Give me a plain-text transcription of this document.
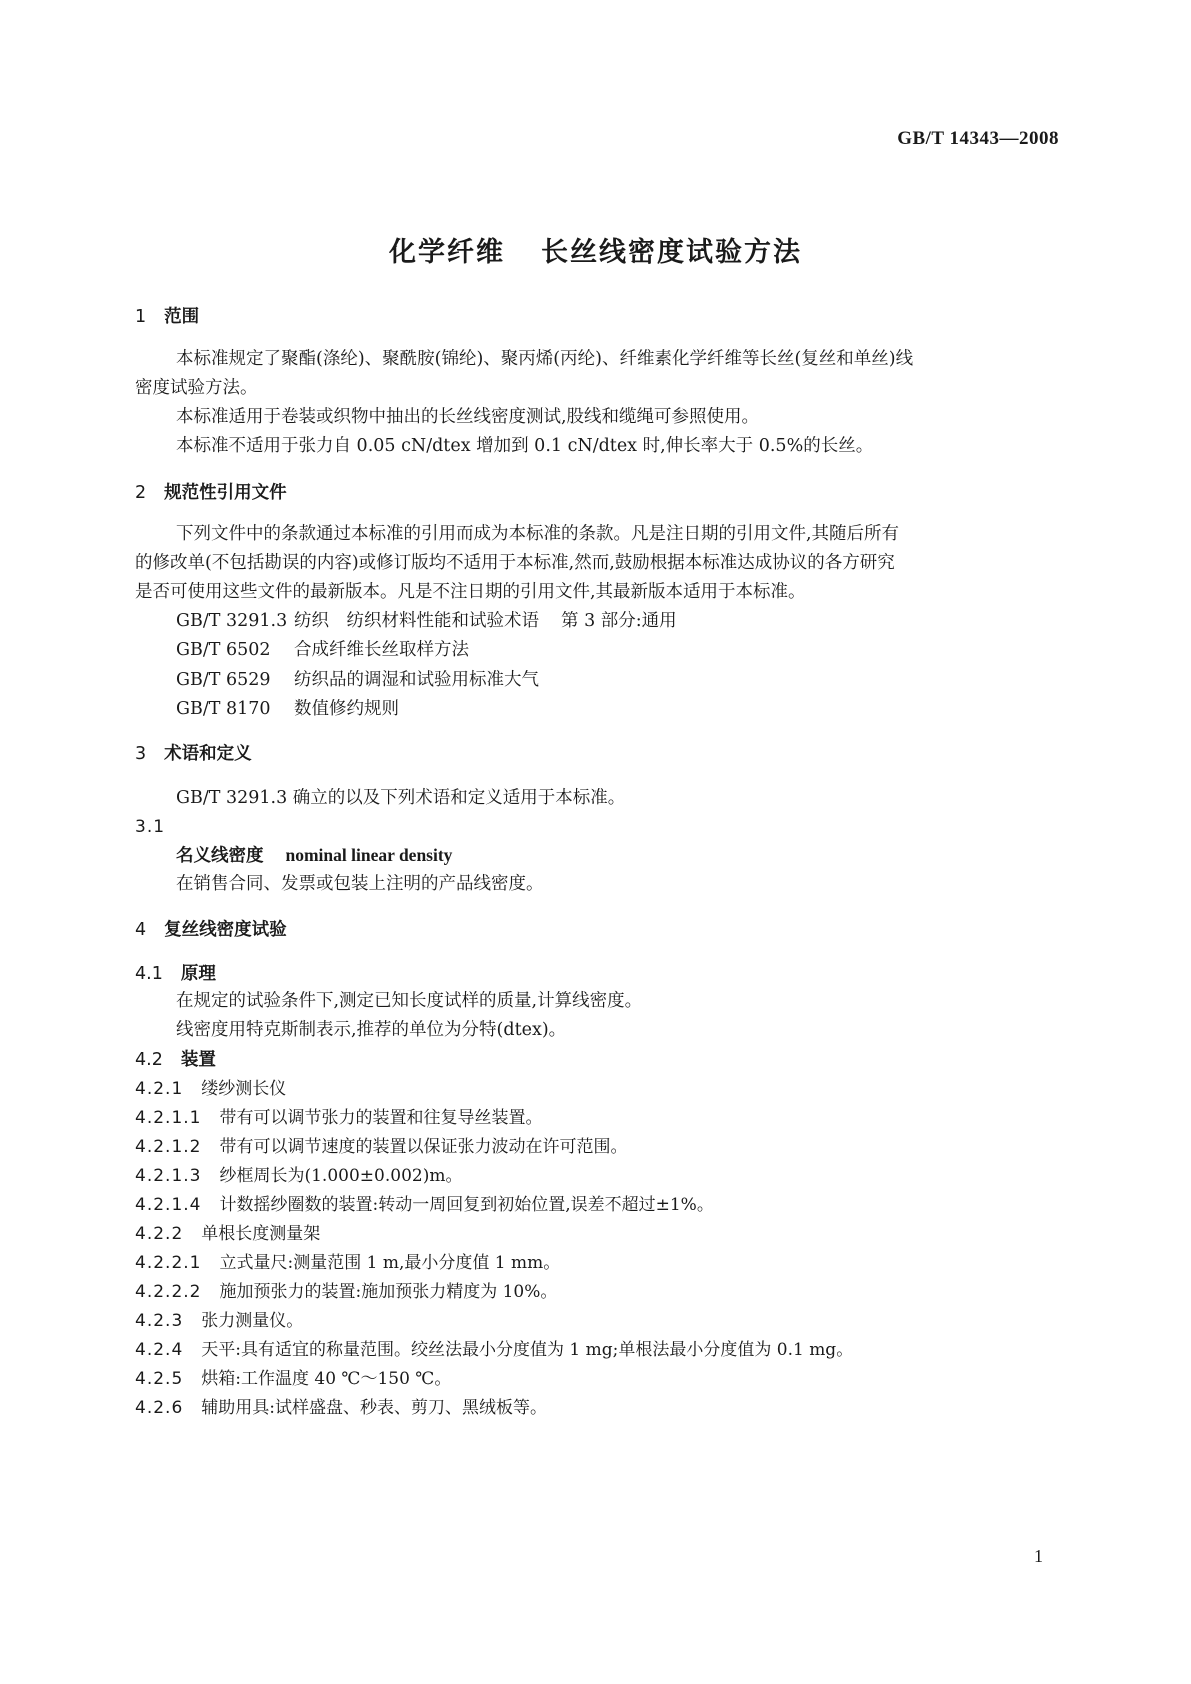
GB/T 14343—2008
化学纤维 长丝线密度试验方法
1 范围
本标准规定了聚酯(涤纶)、聚酰胺(锦纶)、聚丙烯(丙纶)、纤维素化学纤维等长丝(复丝和单丝)线
密度试验方法。
本标准适用于卷装或织物中抽出的长丝线密度测试,股线和缆绳可参照使用。
本标准不适用于张力自 0.05 cN/dtex 增加到 0.1 cN/dtex 时,伸长率大于 0.5%的长丝。
2 规范性引用文件
下列文件中的条款通过本标准的引用而成为本标准的条款。凡是注日期的引用文件,其随后所有
的修改单(不包括勘误的内容)或修订版均不适用于本标准,然而,鼓励根据本标准达成协议的各方研究
是否可使用这些文件的最新版本。凡是不注日期的引用文件,其最新版本适用于本标准。
GB/T 3291.3 纺织　纺织材料性能和试验术语 第 3 部分:通用
GB/T 6502 合成纤维长丝取样方法
GB/T 6529 纺织品的调湿和试验用标准大气
GB/T 8170 数值修约规则
3 术语和定义
GB/T 3291.3 确立的以及下列术语和定义适用于本标准。
3.1
名义线密度 nominal linear density
在销售合同、发票或包装上注明的产品线密度。
4 复丝线密度试验
4.1 原理
在规定的试验条件下,测定已知长度试样的质量,计算线密度。
线密度用特克斯制表示,推荐的单位为分特(dtex)。
4.2 装置
4.2.1 缕纱测长仪
4.2.1.1 带有可以调节张力的装置和往复导丝装置。
4.2.1.2 带有可以调节速度的装置以保证张力波动在许可范围。
4.2.1.3 纱框周长为(1.000±0.002)m。
4.2.1.4 计数摇纱圈数的装置:转动一周回复到初始位置,误差不超过±1%。
4.2.2 单根长度测量架
4.2.2.1 立式量尺:测量范围 1 m,最小分度值 1 mm。
4.2.2.2 施加预张力的装置:施加预张力精度为 10%。
4.2.3 张力测量仪。
4.2.4 天平:具有适宜的称量范围。绞丝法最小分度值为 1 mg;单根法最小分度值为 0.1 mg。
4.2.5 烘箱:工作温度 40 ℃～150 ℃。
4.2.6 辅助用具:试样盛盘、秒表、剪刀、黑绒板等。
1
